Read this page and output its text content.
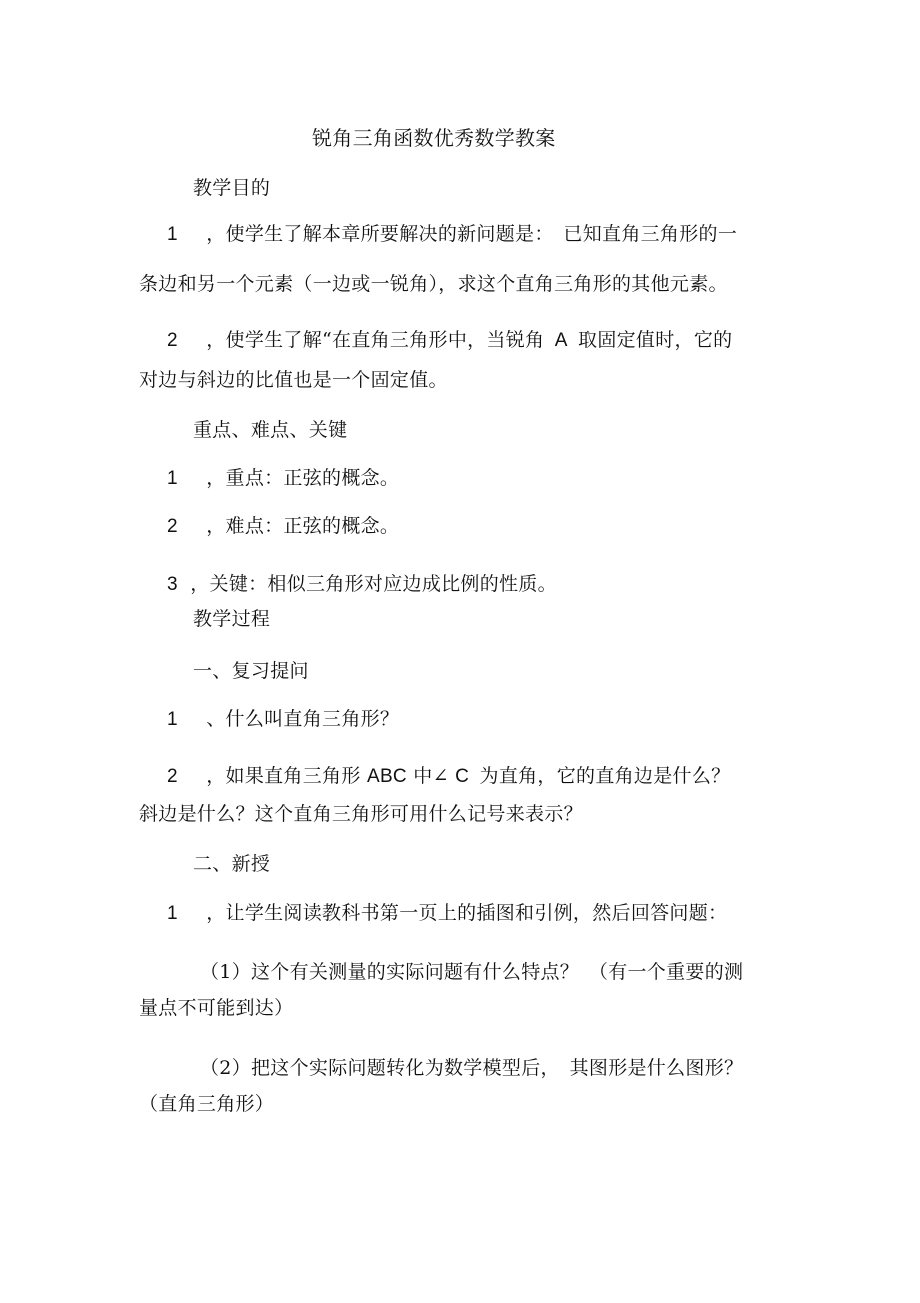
锐角三角函数优秀数学教案
教学目的
1 ，使学生了解本章所要解决的新问题是：　已知直角三角形的一
条边和另一个元素（一边或一锐角），求这个直角三角形的其他元素。
2 ，使学生了解“在直角三角形中，当锐角 A 取固定值时，它的
对边与斜边的比值也是一个固定值。
重点、难点、关键
1 ，重点：正弦的概念。
2 ，难点：正弦的概念。
3 ，关键：相似三角形对应边成比例的性质。
教学过程
一、复习提问
1 、什么叫直角三角形？
2 ，如果直角三角形 ABC 中∠ C 为直角，它的直角边是什么？
斜边是什么？这个直角三角形可用什么记号来表示？
二、新授
1 ，让学生阅读教科书第一页上的插图和引例，然后回答问题：
（1）这个有关测量的实际问题有什么特点？　（有一个重要的测
量点不可能到达）
（2）把这个实际问题转化为数学模型后，　其图形是什么图形？
（直角三角形）
